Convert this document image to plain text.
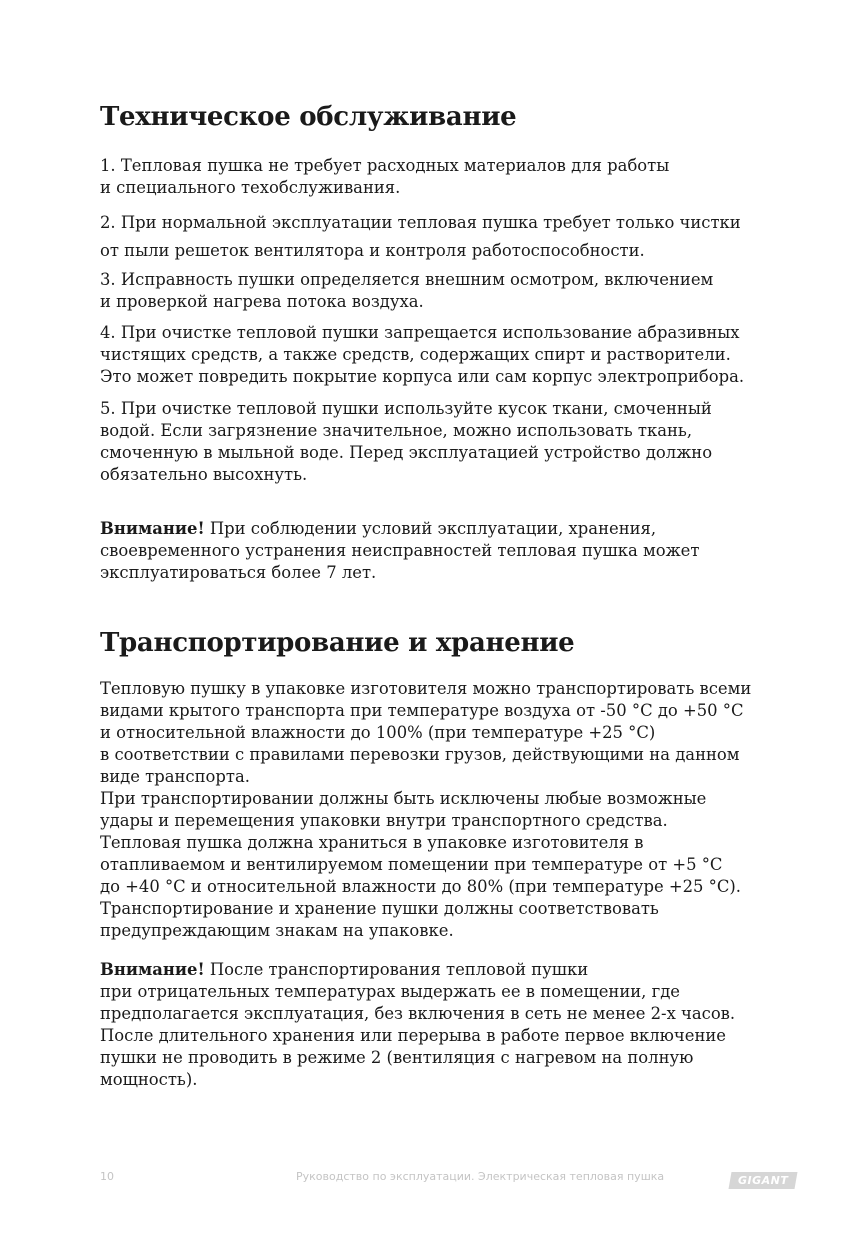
Техническое обслуживание

1. Тепловая пушка не требует расходных материалов для работы
и специального техобслуживания.

2. При нормальной эксплуатации тепловая пушка требует только чистки
от пыли решеток вентилятора и контроля работоспособности.

3. Исправность пушки определяется внешним осмотром, включением
и проверкой нагрева потока воздуха.

4. При очистке тепловой пушки запрещается использование абразивных
чистящих средств, а также средств, содержащих спирт и растворители.
Это может повредить покрытие корпуса или сам корпус электроприбора.

5. При очистке тепловой пушки используйте кусок ткани, смоченный
водой. Если загрязнение значительное, можно использовать ткань,
смоченную в мыльной воде. Перед эксплуатацией устройство должно
обязательно высохнуть.

Внимание! При соблюдении условий эксплуатации, хранения,
своевременного устранения неисправностей тепловая пушка может
эксплуатироваться более 7 лет.

Транспортирование и хранение

Тепловую пушку в упаковке изготовителя можно транспортировать всеми
видами крытого транспорта при температуре воздуха от -50 °С до +50 °С
и относительной влажности до 100% (при температуре +25 °С)
в соответствии с правилами перевозки грузов, действующими на данном
виде транспорта.
При транспортировании должны быть исключены любые возможные
удары и перемещения упаковки внутри транспортного средства.
Тепловая пушка должна храниться в упаковке изготовителя в
отапливаемом и вентилируемом помещении при температуре от +5 °С
до +40 °С и относительной влажности до 80% (при температуре +25 °С).
Транспортирование и хранение пушки должны соответствовать
предупреждающим знакам на упаковке.

Внимание! После транспортирования тепловой пушки
при отрицательных температурах выдержать ее в помещении, где
предполагается эксплуатация, без включения в сеть не менее 2-х часов.
После длительного хранения или перерыва в работе первое включение
пушки не проводить в режиме 2 (вентиляция с нагревом на полную
мощность).

10	Руководство по эксплуатации. Электрическая тепловая пушка	GIGANT
